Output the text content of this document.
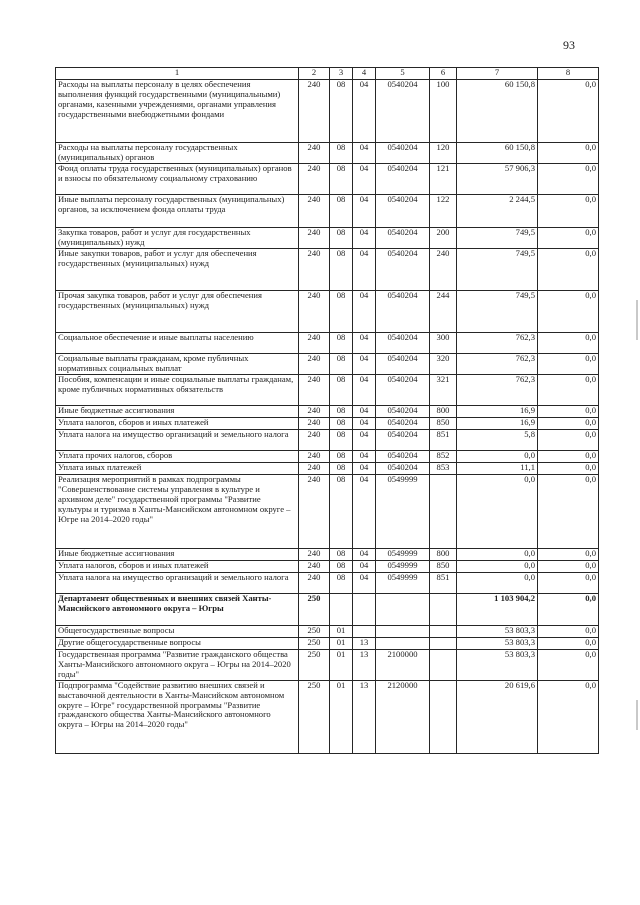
93
1	2	3	4	5	6	7	8
Расходы на выплаты персоналу в целях обеспечения выполнения функций государственными (муниципальными) органами, казенными учреждениями, органами управления государственными внебюджетными фондами	240	08	04	0540204	100	60 150,8	0,0
Расходы на выплаты персоналу государственных (муниципальных) органов	240	08	04	0540204	120	60 150,8	0,0
Фонд оплаты труда государственных (муниципальных) органов и взносы по обязательному социальному страхованию	240	08	04	0540204	121	57 906,3	0,0
Иные выплаты персоналу государственных (муниципальных) органов, за исключением фонда оплаты труда	240	08	04	0540204	122	2 244,5	0,0
Закупка товаров, работ и услуг для государственных (муниципальных) нужд	240	08	04	0540204	200	749,5	0,0
Иные закупки товаров, работ и услуг для обеспечения государственных (муниципальных) нужд	240	08	04	0540204	240	749,5	0,0
Прочая закупка товаров, работ и услуг для обеспечения государственных (муниципальных) нужд	240	08	04	0540204	244	749,5	0,0
Социальное обеспечение и иные выплаты населению	240	08	04	0540204	300	762,3	0,0
Социальные выплаты гражданам, кроме публичных нормативных социальных выплат	240	08	04	0540204	320	762,3	0,0
Пособия, компенсации и иные социальные выплаты гражданам, кроме публичных нормативных обязательств	240	08	04	0540204	321	762,3	0,0
Иные бюджетные ассигнования	240	08	04	0540204	800	16,9	0,0
Уплата налогов, сборов и иных платежей	240	08	04	0540204	850	16,9	0,0
Уплата налога на имущество организаций и земельного налога	240	08	04	0540204	851	5,8	0,0
Уплата прочих налогов, сборов	240	08	04	0540204	852	0,0	0,0
Уплата иных платежей	240	08	04	0540204	853	11,1	0,0
Реализация мероприятий в рамках подпрограммы "Совершенствование системы управления в культуре и архивном деле" государственной программы "Развитие культуры и туризма в Ханты-Мансийском автономном округе – Югре на 2014–2020 годы"	240	08	04	0549999		0,0	0,0
Иные бюджетные ассигнования	240	08	04	0549999	800	0,0	0,0
Уплата налогов, сборов и иных платежей	240	08	04	0549999	850	0,0	0,0
Уплата налога на имущество организаций и земельного налога	240	08	04	0549999	851	0,0	0,0
Департамент общественных и внешних связей Ханты-Мансийского автономного округа – Югры	250					1 103 904,2	0,0
Общегосударственные вопросы	250	01				53 803,3	0,0
Другие общегосударственные вопросы	250	01	13			53 803,3	0,0
Государственная программа "Развитие гражданского общества Ханты-Мансийского автономного округа – Югры на 2014–2020 годы"	250	01	13	2100000		53 803,3	0,0
Подпрограмма "Содействие развитию внешних связей и выставочной деятельности в Ханты-Мансийском автономном округе – Югре" государственной программы "Развитие гражданского общества Ханты-Мансийского автономного округа – Югры на 2014–2020 годы"	250	01	13	2120000		20 619,6	0,0
